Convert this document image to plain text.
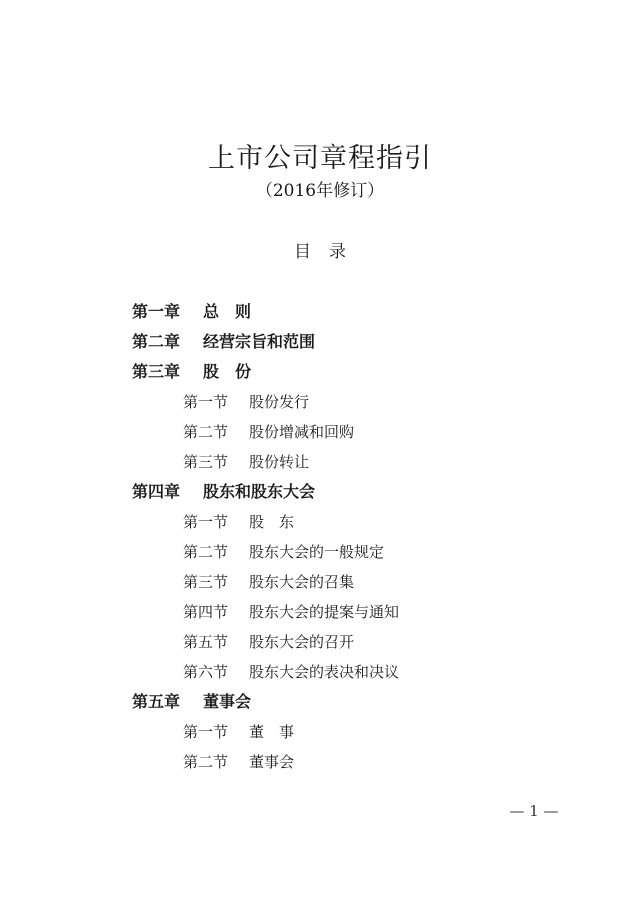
上市公司章程指引
（2016年修订）
目录
第一章 总　则
第二章 经营宗旨和范围
第三章 股　份
第一节 股份发行
第二节 股份增减和回购
第三节 股份转让
第四章 股东和股东大会
第一节 股　东
第二节 股东大会的一般规定
第三节 股东大会的召集
第四节 股东大会的提案与通知
第五节 股东大会的召开
第六节 股东大会的表决和决议
第五章 董事会
第一节 董　事
第二节 董事会
— 1 —
